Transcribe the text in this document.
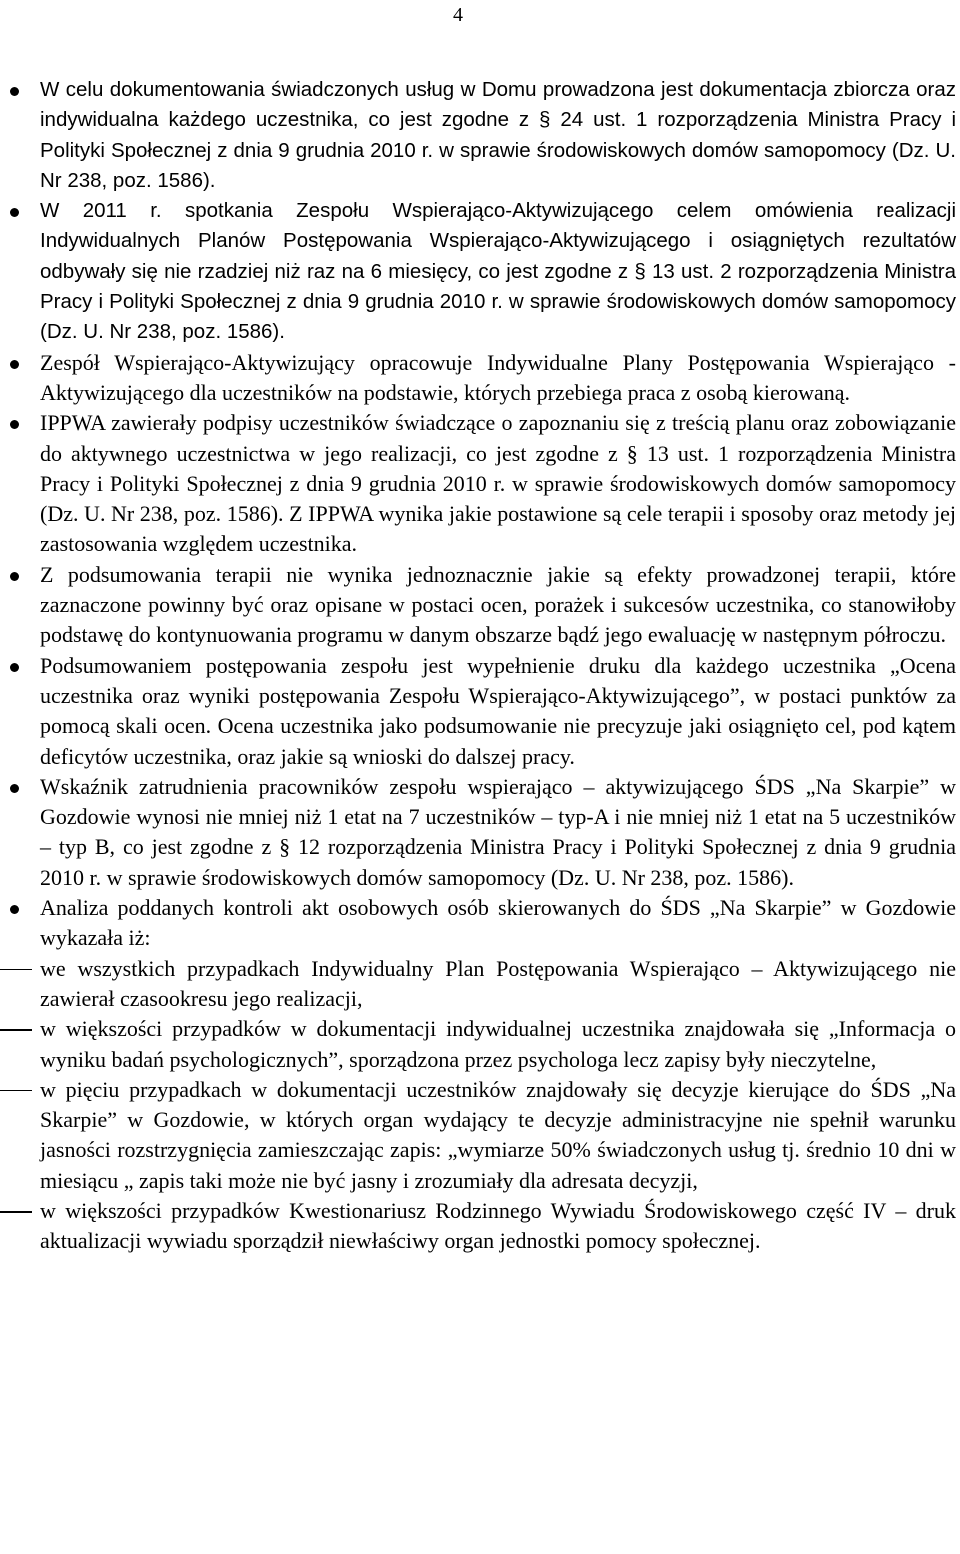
4
W celu dokumentowania świadczonych usług w Domu prowadzona jest dokumentacja zbiorcza oraz indywidualna każdego uczestnika, co jest zgodne z § 24 ust. 1 rozporządzenia Ministra Pracy i Polityki Społecznej z dnia 9 grudnia 2010 r. w sprawie środowiskowych domów samopomocy (Dz. U. Nr 238, poz. 1586).
W 2011 r. spotkania Zespołu Wspierająco-Aktywizującego celem omówienia realizacji Indywidualnych Planów Postępowania Wspierająco-Aktywizującego i osiągniętych rezultatów odbywały się nie rzadziej niż raz na 6 miesięcy, co jest zgodne z § 13 ust. 2 rozporządzenia Ministra Pracy i Polityki Społecznej z dnia 9 grudnia 2010 r. w sprawie środowiskowych domów samopomocy (Dz. U. Nr 238, poz. 1586).
Zespół Wspierająco-Aktywizujący opracowuje Indywidualne Plany Postępowania Wspierająco - Aktywizującego dla uczestników na podstawie, których przebiega praca z osobą kierowaną.
IPPWA zawierały podpisy uczestników świadczące o zapoznaniu się z treścią planu oraz zobowiązanie do aktywnego uczestnictwa w jego realizacji, co jest zgodne z § 13 ust. 1 rozporządzenia Ministra Pracy i Polityki Społecznej z dnia 9 grudnia 2010 r. w sprawie środowiskowych domów samopomocy (Dz. U. Nr 238, poz. 1586). Z IPPWA wynika jakie postawione są cele terapii i sposoby oraz metody jej zastosowania względem uczestnika.
Z podsumowania terapii nie wynika jednoznacznie jakie są efekty prowadzonej terapii, które zaznaczone powinny być oraz opisane w postaci ocen, porażek i sukcesów uczestnika, co stanowiłoby podstawę do kontynuowania programu w danym obszarze bądź jego ewaluację w następnym półroczu.
Podsumowaniem postępowania zespołu jest wypełnienie druku dla każdego uczestnika „Ocena uczestnika oraz wyniki postępowania Zespołu Wspierająco-Aktywizującego”, w postaci punktów za pomocą skali ocen. Ocena uczestnika jako podsumowanie nie precyzuje jaki osiągnięto cel, pod kątem deficytów uczestnika, oraz jakie są wnioski do dalszej pracy.
Wskaźnik zatrudnienia pracowników zespołu wspierająco – aktywizującego ŚDS „Na Skarpie” w Gozdowie wynosi nie mniej niż 1 etat na 7 uczestników – typ-A i nie mniej niż 1 etat na 5 uczestników – typ B, co jest zgodne z § 12 rozporządzenia Ministra Pracy i Polityki Społecznej z dnia 9 grudnia 2010 r. w sprawie środowiskowych domów samopomocy (Dz. U. Nr 238, poz. 1586).
Analiza poddanych kontroli akt osobowych osób skierowanych do ŚDS „Na Skarpie” w Gozdowie wykazała iż:
we wszystkich przypadkach Indywidualny Plan Postępowania Wspierająco – Aktywizującego nie zawierał czasookresu jego realizacji,
w większości przypadków w dokumentacji indywidualnej uczestnika znajdowała się „Informacja o wyniku badań psychologicznych”, sporządzona przez psychologa lecz zapisy były nieczytelne,
w pięciu przypadkach w dokumentacji uczestników znajdowały się decyzje kierujące do ŚDS „Na Skarpie” w Gozdowie, w których organ wydający te decyzje administracyjne nie spełnił warunku jasności rozstrzygnięcia zamieszczając zapis: „wymiarze 50% świadczonych usług tj. średnio 10 dni w miesiącu „ zapis taki może nie być jasny i zrozumiały dla adresata decyzji,
w większości przypadków Kwestionariusz Rodzinnego Wywiadu Środowiskowego część IV – druk aktualizacji wywiadu sporządził niewłaściwy organ jednostki pomocy społecznej.
